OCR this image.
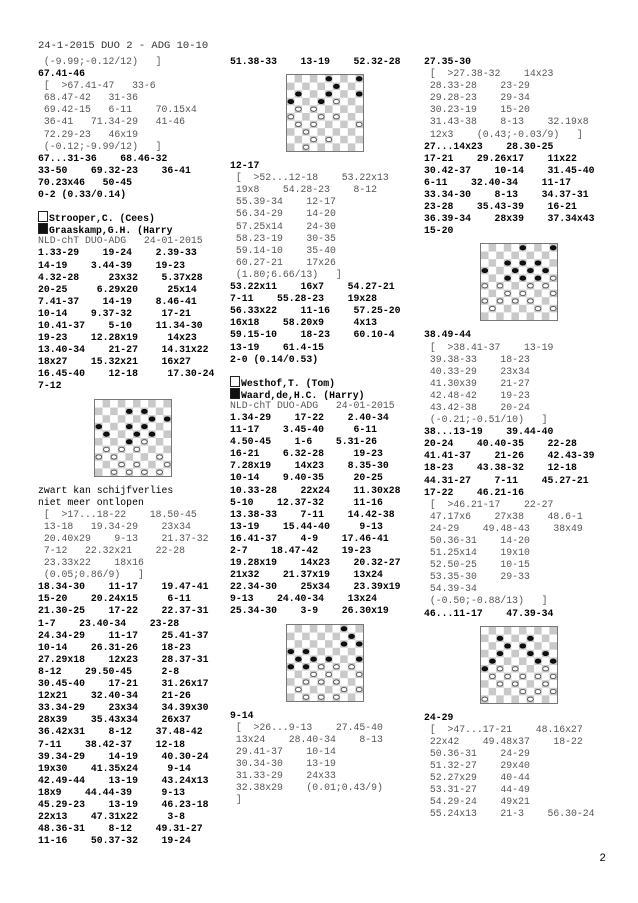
24-1-2015 DUO 2 - ADG 10-10
(-9.99;-0.12/12)   ]
67.41-46
[  >67.41-47   33-6
68.47-42   31-36
69.42-15   6-11    70.15x4
36-41   71.34-29   41-46
72.29-23   46x19
(-0.12;-9.99/12)   ]
67...31-36    68.46-32
33-50    69.32-23    36-41
70.23x46   50-45
0-2 (0.33/0.14)
Strooper,C. (Cees)
Graaskamp,G.H. (Harry
NLD-chT DUO-ADG   24-01-2015
1.33-29    19-24    2.39-33
14-19    3.44-39    19-23
4.32-28     23x32    5.37x28
20-25     6.29x20     25x14
7.41-37    14-19    8.46-41
10-14    9.37-32     17-21
10.41-37    5-10    11.34-30
19-23    12.28x19     14x23
13.40-34    21-27    14.31x22
18x27    15.32x21    16x27
16.45-40    12-18     17.30-24
7-12
zwart kan schijfverlies
niet meer ontlopen
[  >17...18-22    18.50-45
13-18   19.34-29    23x34
20.40x29    9-13    21.37-32
7-12   22.32x21    22-28
23.33x22    18x16
(0.05;0.86/9)   ]
18.34-30    11-17    19.47-41
15-20    20.24x15     6-11
21.30-25    17-22    22.37-31
1-7    23.40-34    23-28
24.34-29    11-17    25.41-37
10-14    26.31-26    18-23
27.29x18    12x23    28.37-31
8-12    29.50-45     2-8
30.45-40    17-21    31.26x17
12x21    32.40-34    21-26
33.34-29    23x34    34.39x30
28x39    35.43x34    26x37
36.42x31    8-12    37.48-42
7-11    38.42-37    12-18
39.34-29    14-19    40.30-24
19x30    41.35x24     9-14
42.49-44    13-19    43.24x13
18x9    44.44-39     9-13
45.29-23    13-19    46.23-18
22x13    47.31x22     3-8
48.36-31    8-12    49.31-27
11-16    50.37-32    19-24
51.38-33    13-19    52.32-28
12-17
[  >52...12-18    53.22x13
19x8    54.28-23    8-12
55.39-34    12-17
56.34-29    14-20
57.25x14    24-30
58.23-19    30-35
59.14-10    35-40
60.27-21    17x26
(1.80;6.66/13)   ]
53.22x11    16x7    54.27-21
7-11    55.28-23    19x28
56.33x22    11-16    57.25-20
16x18    58.20x9     4x13
59.15-10    18-23    60.10-4
13-19    61.4-15
2-0 (0.14/0.53)
Westhof,T. (Tom)
Waard,de,H.C. (Harry)
NLD-chT DUO-ADG   24-01-2015
1.34-29    17-22    2.40-34
11-17    3.45-40     6-11
4.50-45    1-6    5.31-26
16-21    6.32-28     19-23
7.28x19    14x23    8.35-30
10-14    9.40-35     20-25
10.33-28    22x24    11.30x28
5-10    12.37-32     11-16
13.38-33    7-11    14.42-38
13-19    15.44-40     9-13
16.41-37    4-9    17.46-41
2-7    18.47-42    19-23
19.28x19    14x23    20.32-27
21x32    21.37x19    13x24
22.34-30    25x34    23.39x19
9-13    24.40-34    13x24
25.34-30    3-9    26.30x19
9-14
[  >26...9-13    27.45-40
13x24    28.40-34    8-13
29.41-37    10-14
30.34-30    13-19
31.33-29    24x33
32.38x29    (0.01;0.43/9)
]
27.35-30
[  >27.38-32    14x23
28.33-28    23-29
29.28-23    29-34
30.23-19    15-20
31.43-38    8-13    32.19x8
12x3    (0.43;-0.03/9)   ]
27...14x23    28.30-25
17-21    29.26x17    11x22
30.42-37    10-14    31.45-40
6-11    32.40-34    11-17
33.34-30    8-13    34.37-31
23-28    35.43-39    16-21
36.39-34    28x39    37.34x43
15-20
38.49-44
[  >38.41-37    13-19
39.38-33    18-23
40.33-29    23x34
41.30x39    21-27
42.48-42    19-23
43.42-38    20-24
(-0.21;-0.51/10)   ]
38...13-19    39.44-40
20-24    40.40-35    22-28
41.41-37    21-26    42.43-39
18-23    43.38-32    12-18
44.31-27    7-11    45.27-21
17-22    46.21-16
[  >46.21-17    22-27
47.17x6    27x38    48.6-1
24-29    49.48-43    38x49
50.36-31    14-20
51.25x14    19x10
52.50-25    10-15
53.35-30    29-33
54.39-34
(-0.50;-0.88/13)   ]
46...11-17    47.39-34
24-29
[  >47...17-21    48.16x27
22x42    49.48x37    18-22
50.36-31    24-29
51.32-27    29x40
52.27x29    40-44
53.31-27    44-49
54.29-24    49x21
55.24x13    21-3    56.30-24
2
